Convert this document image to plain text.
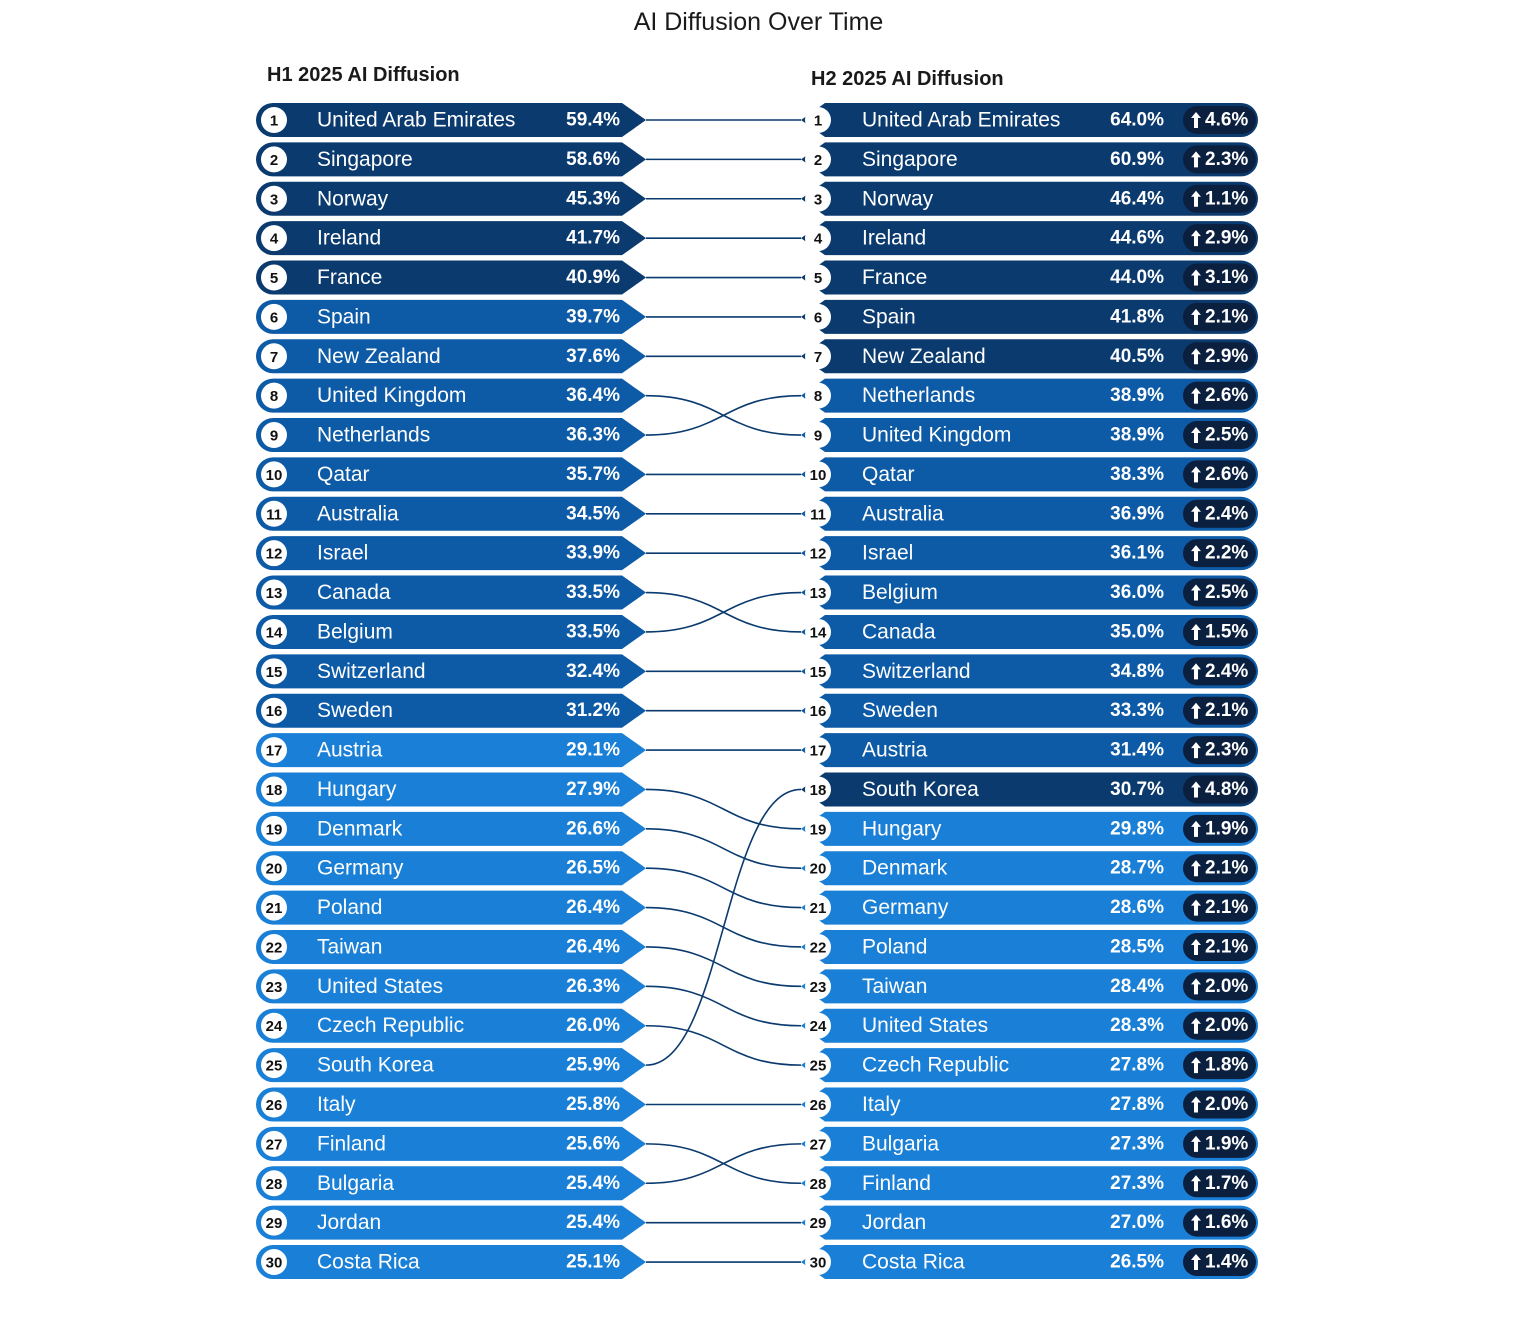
AI Diffusion Over Time
H1 2025 AI Diffusion	H2 2025 AI Diffusion
1 United Arab Emirates	59.4%
2 Singapore	58.6%
3 Norway	45.3%
4 Ireland	41.7%
5 France	40.9%
6 Spain	39.7%
7 New Zealand	37.6%
8 United Kingdom	36.4%
9 Netherlands	36.3%
10 Qatar	35.7%
11 Australia	34.5%
12 Israel	33.9%
13 Canada	33.5%
14 Belgium	33.5%
15 Switzerland	32.4%
16 Sweden	31.2%
17 Austria	29.1%
18 Hungary	27.9%
19 Denmark	26.6%
20 Germany	26.5%
21 Poland	26.4%
22 Taiwan	26.4%
23 United States	26.3%
24 Czech Republic	26.0%
25 South Korea	25.9%
26 Italy	25.8%
27 Finland	25.6%
28 Bulgaria	25.4%
29 Jordan	25.4%
30 Costa Rica	25.1%
1 United Arab Emirates	64.0% 4.6%
2 Singapore	60.9% 2.3%
3 Norway	46.4% 1.1%
4 Ireland	44.6% 2.9%
5 France	44.0% 3.1%
6 Spain	41.8% 2.1%
7 New Zealand	40.5% 2.9%
8 Netherlands	38.9% 2.6%
9 United Kingdom	38.9% 2.5%
10 Qatar	38.3% 2.6%
11 Australia	36.9% 2.4%
12 Israel	36.1% 2.2%
13 Belgium	36.0% 2.5%
14 Canada	35.0% 1.5%
15 Switzerland	34.8% 2.4%
16 Sweden	33.3% 2.1%
17 Austria	31.4% 2.3%
18 South Korea	30.7% 4.8%
19 Hungary	29.8% 1.9%
20 Denmark	28.7% 2.1%
21 Germany	28.6% 2.1%
22 Poland	28.5% 2.1%
23 Taiwan	28.4% 2.0%
24 United States	28.3% 2.0%
25 Czech Republic	27.8% 1.8%
26 Italy	27.8% 2.0%
27 Bulgaria	27.3% 1.9%
28 Finland	27.3% 1.7%
29 Jordan	27.0% 1.6%
30 Costa Rica	26.5% 1.4%
